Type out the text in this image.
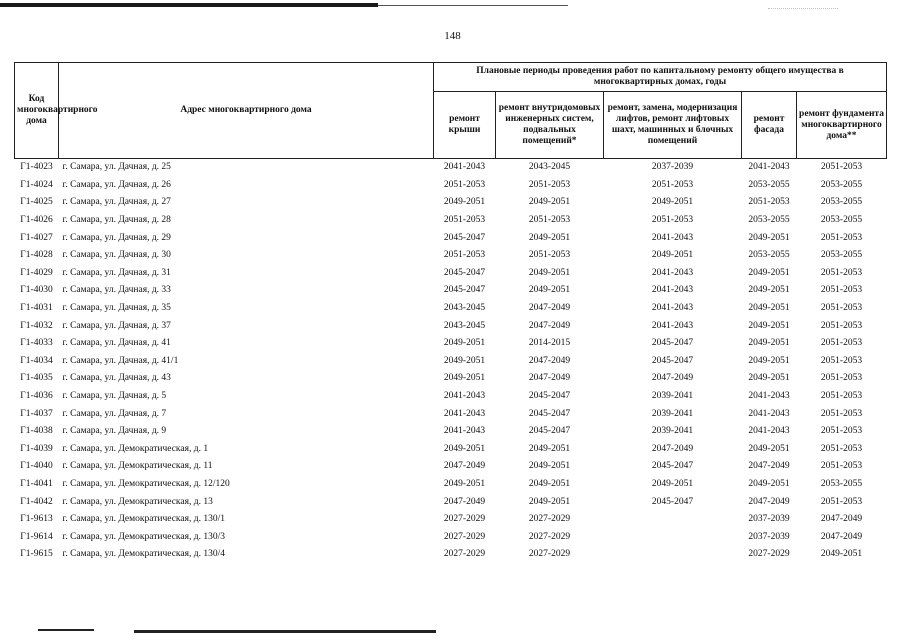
148
Код многоквартирного дома	Адрес многоквартирного дома	Плановые периоды проведения работ по капитальному ремонту общего имущества в многоквартирных домах, годы				
		ремонт крыши	ремонт внутридомовых инженерных систем, подвальных помещений*	ремонт, замена, модернизация лифтов, ремонт лифтовых шахт, машинных и блочных помещений	ремонт фасада	ремонт фундамента многоквартирного дома**
Г1-4023	г. Самара, ул. Дачная, д. 25	2041-2043	2043-2045	2037-2039	2041-2043	2051-2053
Г1-4024	г. Самара, ул. Дачная, д. 26	2051-2053	2051-2053	2051-2053	2053-2055	2053-2055
Г1-4025	г. Самара, ул. Дачная, д. 27	2049-2051	2049-2051	2049-2051	2051-2053	2053-2055
Г1-4026	г. Самара, ул. Дачная, д. 28	2051-2053	2051-2053	2051-2053	2053-2055	2053-2055
Г1-4027	г. Самара, ул. Дачная, д. 29	2045-2047	2049-2051	2041-2043	2049-2051	2051-2053
Г1-4028	г. Самара, ул. Дачная, д. 30	2051-2053	2051-2053	2049-2051	2053-2055	2053-2055
Г1-4029	г. Самара, ул. Дачная, д. 31	2045-2047	2049-2051	2041-2043	2049-2051	2051-2053
Г1-4030	г. Самара, ул. Дачная, д. 33	2045-2047	2049-2051	2041-2043	2049-2051	2051-2053
Г1-4031	г. Самара, ул. Дачная, д. 35	2043-2045	2047-2049	2041-2043	2049-2051	2051-2053
Г1-4032	г. Самара, ул. Дачная, д. 37	2043-2045	2047-2049	2041-2043	2049-2051	2051-2053
Г1-4033	г. Самара, ул. Дачная, д. 41	2049-2051	2014-2015	2045-2047	2049-2051	2051-2053
Г1-4034	г. Самара, ул. Дачная, д. 41/1	2049-2051	2047-2049	2045-2047	2049-2051	2051-2053
Г1-4035	г. Самара, ул. Дачная, д. 43	2049-2051	2047-2049	2047-2049	2049-2051	2051-2053
Г1-4036	г. Самара, ул. Дачная, д. 5	2041-2043	2045-2047	2039-2041	2041-2043	2051-2053
Г1-4037	г. Самара, ул. Дачная, д. 7	2041-2043	2045-2047	2039-2041	2041-2043	2051-2053
Г1-4038	г. Самара, ул. Дачная, д. 9	2041-2043	2045-2047	2039-2041	2041-2043	2051-2053
Г1-4039	г. Самара, ул. Демократическая, д. 1	2049-2051	2049-2051	2047-2049	2049-2051	2051-2053
Г1-4040	г. Самара, ул. Демократическая, д. 11	2047-2049	2049-2051	2045-2047	2047-2049	2051-2053
Г1-4041	г. Самара, ул. Демократическая, д. 12/120	2049-2051	2049-2051	2049-2051	2049-2051	2053-2055
Г1-4042	г. Самара, ул. Демократическая, д. 13	2047-2049	2049-2051	2045-2047	2047-2049	2051-2053
Г1-9613	г. Самара, ул. Демократическая, д. 130/1	2027-2029	2027-2029		2037-2039	2047-2049
Г1-9614	г. Самара, ул. Демократическая, д. 130/3	2027-2029	2027-2029		2037-2039	2047-2049
Г1-9615	г. Самара, ул. Демократическая, д. 130/4	2027-2029	2027-2029		2027-2029	2049-2051
